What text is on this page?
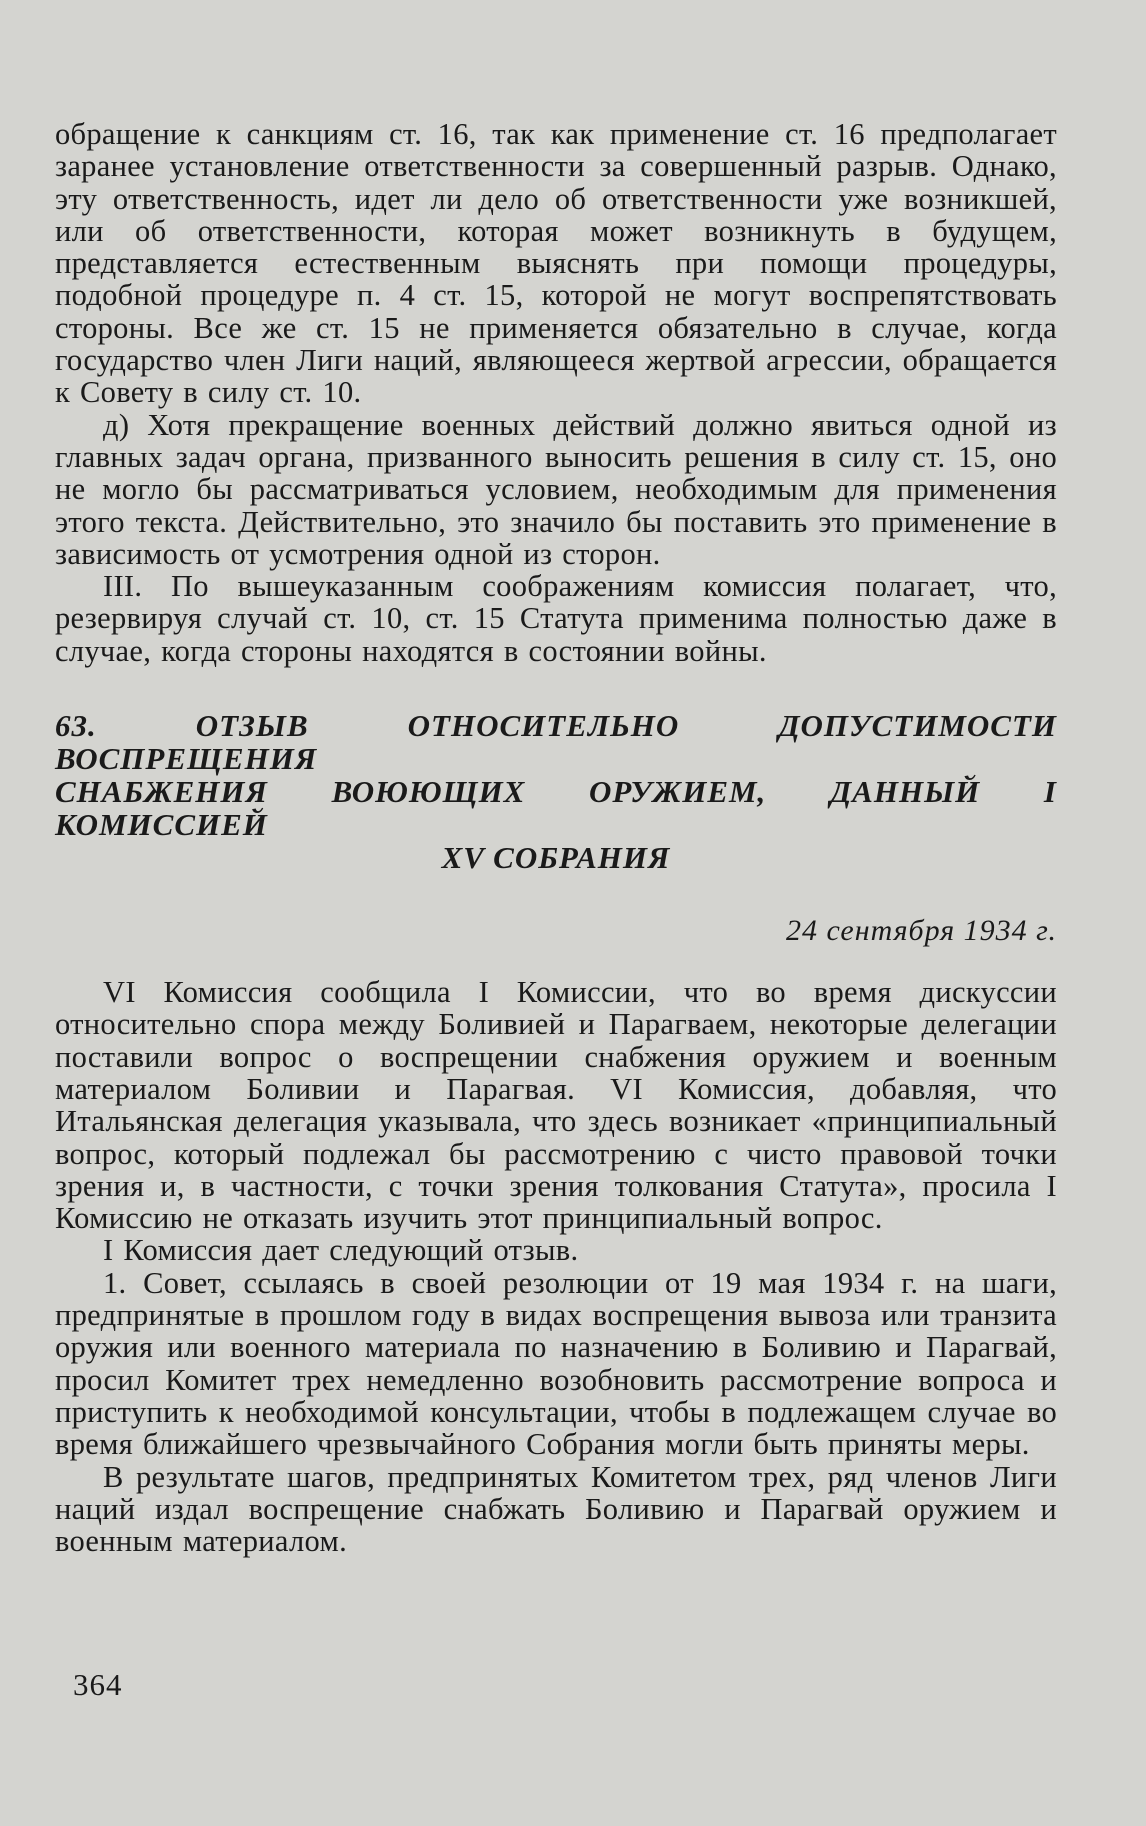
обращение к санкциям ст. 16, так как применение ст. 16 предполагает заранее установление ответственности за совершенный разрыв. Однако, эту ответственность, идет ли дело об ответственности уже возникшей, или об ответственности, которая может возникнуть в будущем, представляется естественным выяснять при помощи процедуры, подобной процедуре п. 4 ст. 15, которой не могут воспрепятствовать стороны. Все же ст. 15 не применяется обязательно в случае, когда государство член Лиги наций, являющееся жертвой агрессии, обращается к Совету в силу ст. 10.

д) Хотя прекращение военных действий должно явиться одной из главных задач органа, призванного выносить решения в силу ст. 15, оно не могло бы рассматриваться условием, необходимым для применения этого текста. Действительно, это значило бы поставить это применение в зависимость от усмотрения одной из сторон.

III. По вышеуказанным соображениям комиссия полагает, что, резервируя случай ст. 10, ст. 15 Статута применима полностью даже в случае, когда стороны находятся в состоянии войны.

63. ОТЗЫВ ОТНОСИТЕЛЬНО ДОПУСТИМОСТИ ВОСПРЕЩЕНИЯ
СНАБЖЕНИЯ ВОЮЮЩИХ ОРУЖИЕМ, ДАННЫЙ I КОМИССИЕЙ
XV СОБРАНИЯ
24 сентября 1934 г.

VI Комиссия сообщила I Комиссии, что во время дискуссии относительно спора между Боливией и Парагваем, некоторые делегации поставили вопрос о воспрещении снабжения оружием и военным материалом Боливии и Парагвая. VI Комиссия, добавляя, что Итальянская делегация указывала, что здесь возникает «принципиальный вопрос, который подлежал бы рассмотрению с чисто правовой точки зрения и, в частности, с точки зрения толкования Статута», просила I Комиссию не отказать изучить этот принципиальный вопрос.

I Комиссия дает следующий отзыв.

1. Совет, ссылаясь в своей резолюции от 19 мая 1934 г. на шаги, предпринятые в прошлом году в видах воспрещения вывоза или транзита оружия или военного материала по назначению в Боливию и Парагвай, просил Комитет трех немедленно возобновить рассмотрение вопроса и приступить к необходимой консультации, чтобы в подлежащем случае во время ближайшего чрезвычайного Собрания могли быть приняты меры.

В результате шагов, предпринятых Комитетом трех, ряд членов Лиги наций издал воспрещение снабжать Боливию и Парагвай оружием и военным материалом.

364
